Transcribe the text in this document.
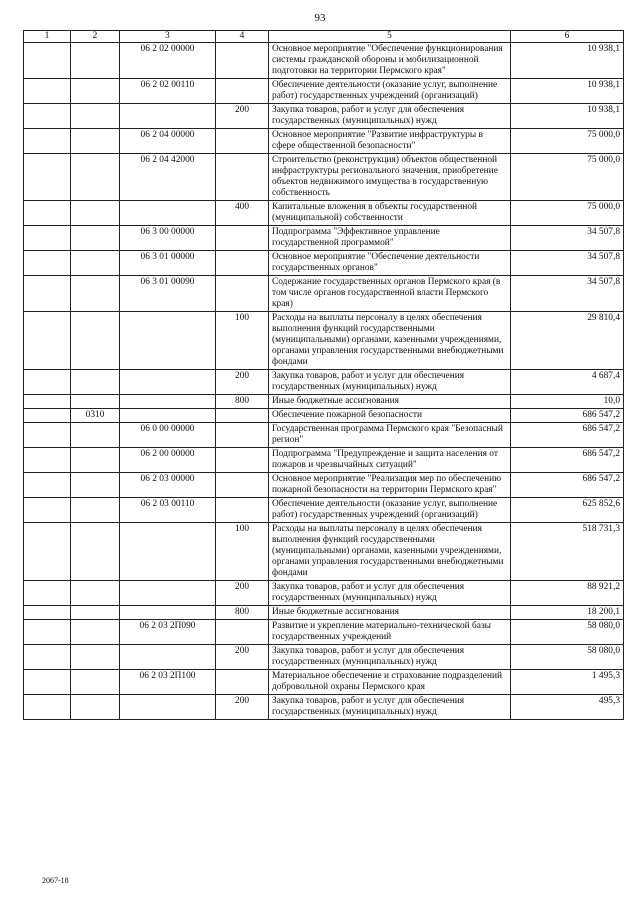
93
1	2	3	4	5	6
		06 2 02 00000		Основное мероприятие "Обеспечение функционирования системы гражданской обороны и мобилизационной подготовки на территории Пермского края"	10 938,1
		06 2 02 00110		Обеспечение деятельности (оказание услуг, выполнение работ) государственных учреждений (организаций)	10 938,1
			200	Закупка товаров, работ и услуг для обеспечения государственных (муниципальных) нужд	10 938,1
		06 2 04 00000		Основное мероприятие "Развитие инфраструктуры в сфере общественной безопасности"	75 000,0
		06 2 04 42000		Строительство (реконструкция) объектов общественной инфраструктуры регионального значения, приобретение объектов недвижимого имущества в государственную собственность	75 000,0
			400	Капитальные вложения в объекты государственной (муниципальной) собственности	75 000,0
		06 3 00 00000		Подпрограмма "Эффективное управление государственной программой"	34 507,8
		06 3 01 00000		Основное мероприятие "Обеспечение деятельности государственных органов"	34 507,8
		06 3 01 00090		Содержание государственных органов Пермского края (в том числе органов государственной власти Пермского края)	34 507,8
			100	Расходы на выплаты персоналу в целях обеспечения выполнения функций государственными (муниципальными) органами, казенными учреждениями, органами управления государственными внебюджетными фондами	29 810,4
			200	Закупка товаров, работ и услуг для обеспечения государственных (муниципальных) нужд	4 687,4
			800	Иные бюджетные ассигнования	10,0
	0310			Обеспечение пожарной безопасности	686 547,2
		06 0 00 00000		Государственная программа Пермского края "Безопасный регион"	686 547,2
		06 2 00 00000		Подпрограмма "Предупреждение и защита населения от пожаров и чрезвычайных ситуаций"	686 547,2
		06 2 03 00000		Основное мероприятие "Реализация мер по обеспечению пожарной безопасности на территории Пермского края"	686 547,2
		06 2 03 00110		Обеспечение деятельности (оказание услуг, выполнение работ) государственных учреждений (организаций)	625 852,6
			100	Расходы на выплаты персоналу в целях обеспечения выполнения функций государственными (муниципальными) органами, казенными учреждениями, органами управления государственными внебюджетными фондами	518 731,3
			200	Закупка товаров, работ и услуг для обеспечения государственных (муниципальных) нужд	88 921,2
			800	Иные бюджетные ассигнования	18 200,1
		06 2 03 2П090		Развитие и укрепление материально-технической базы государственных учреждений	58 080,0
			200	Закупка товаров, работ и услуг для обеспечения государственных (муниципальных) нужд	58 080,0
		06 2 03 2П100		Материальное обеспечение и страхование подразделений добровольной охраны Пермского края	1 495,3
			200	Закупка товаров, работ и услуг для обеспечения государственных (муниципальных) нужд	495,3
2067-18
